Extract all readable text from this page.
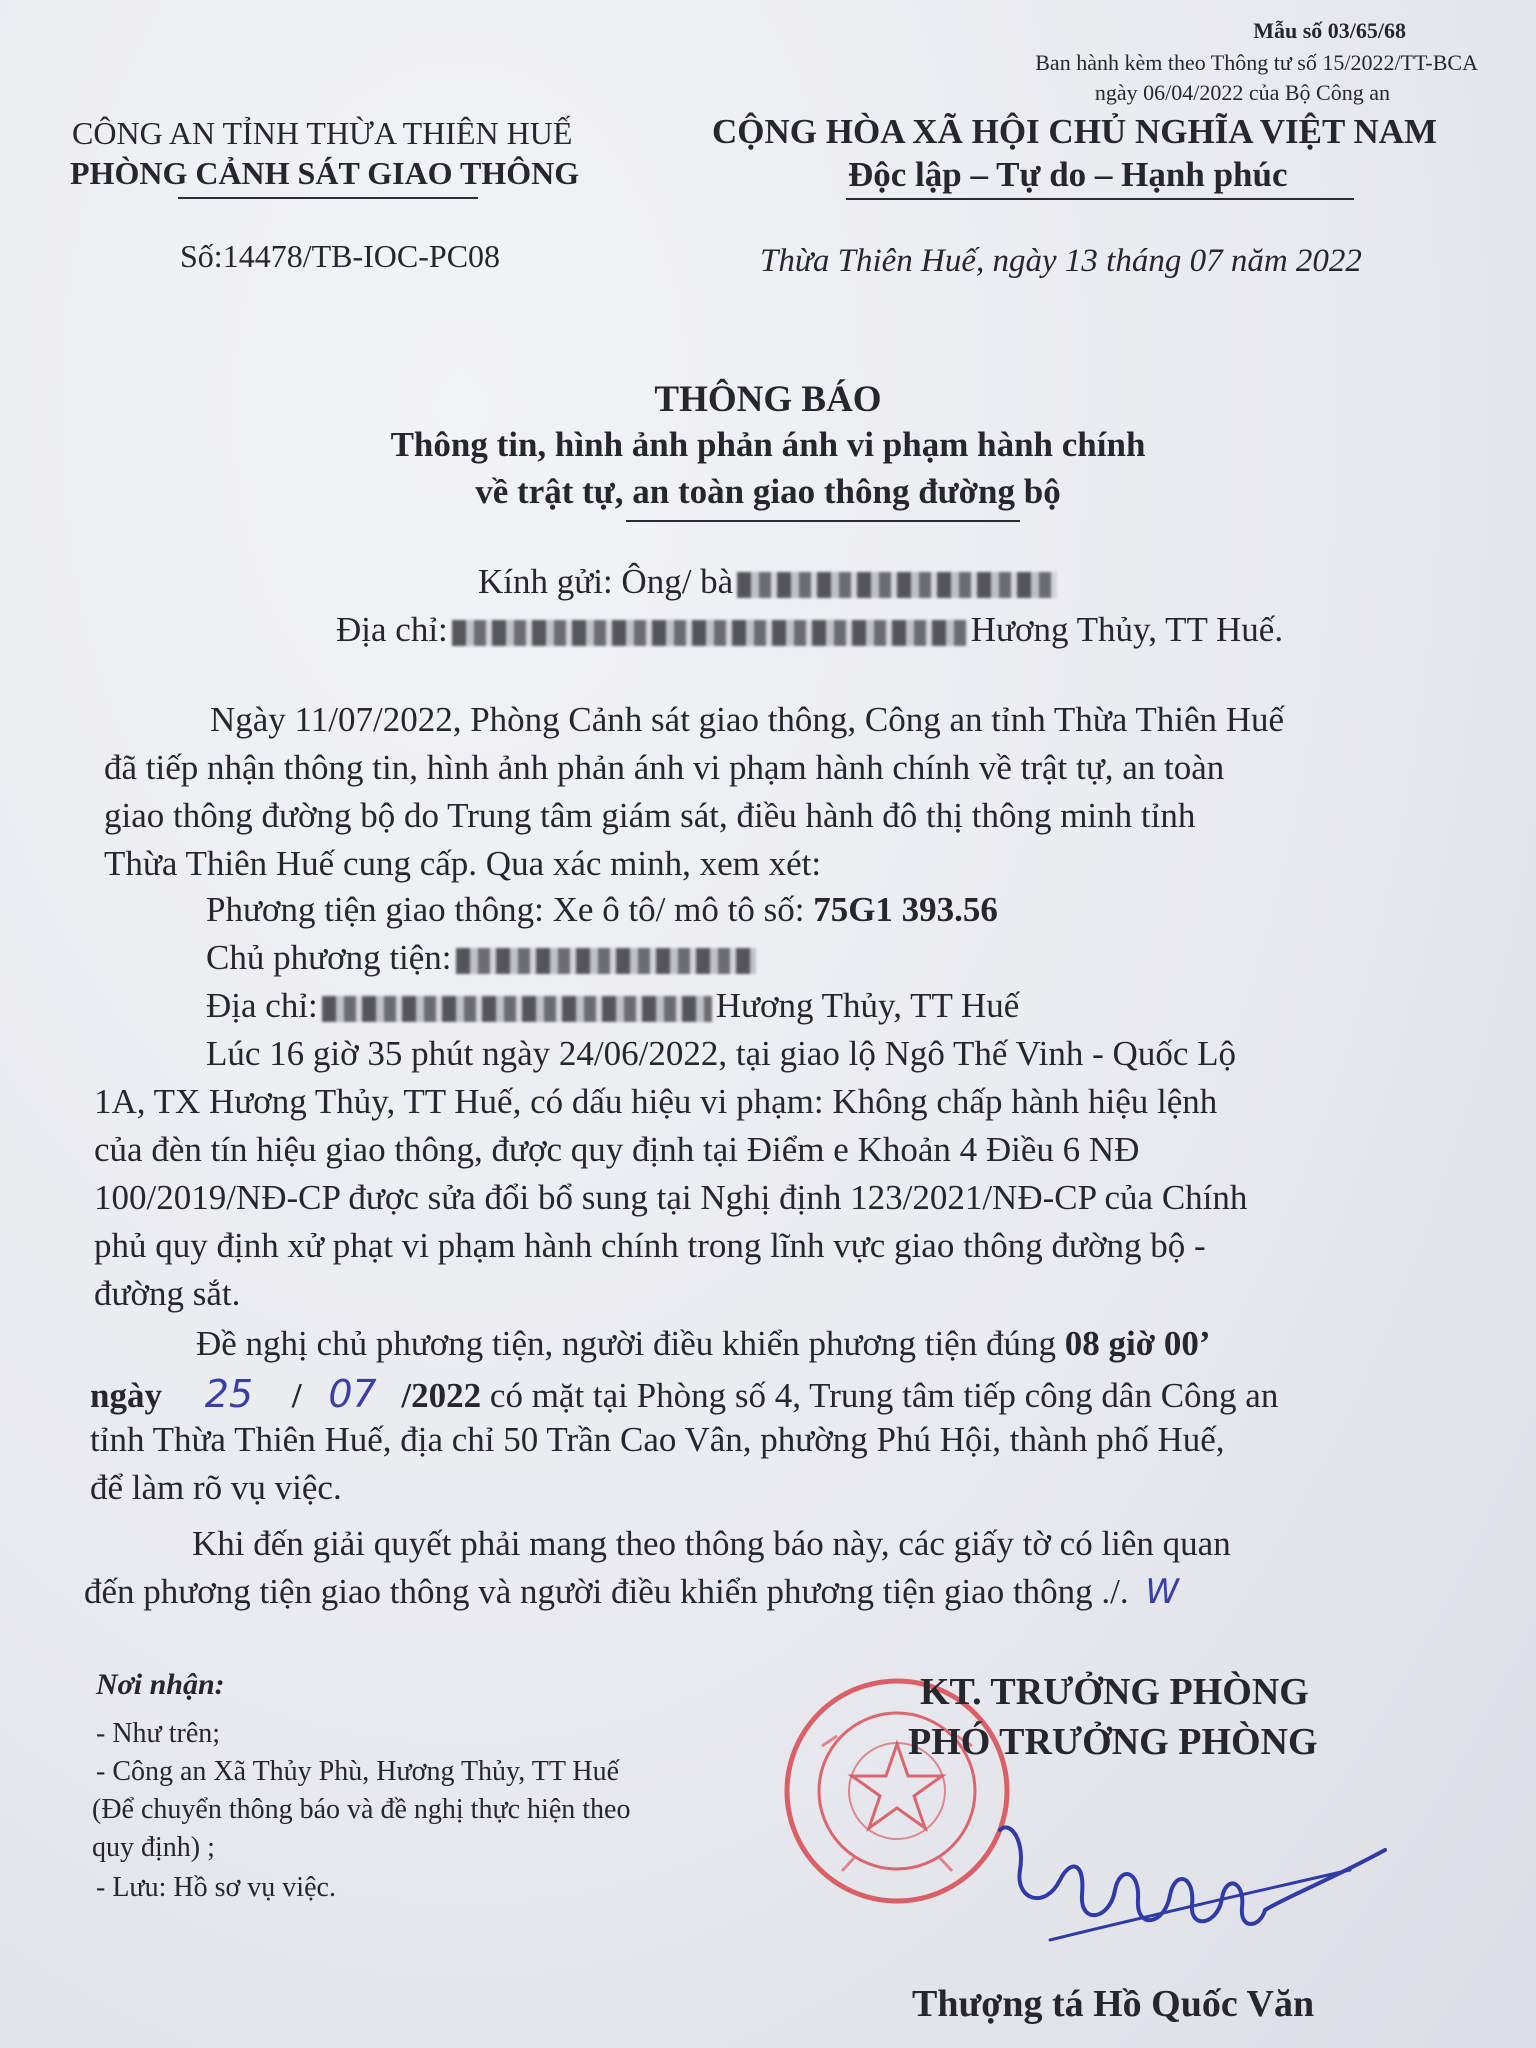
Mẫu số 03/65/68
Ban hành kèm theo Thông tư số 15/2022/TT-BCA
ngày 06/04/2022 của Bộ Công an
CÔNG AN TỈNH THỪA THIÊN HUẾ
PHÒNG CẢNH SÁT GIAO THÔNG
CỘNG HÒA XÃ HỘI CHỦ NGHĨA VIỆT NAM
Độc lập – Tự do – Hạnh phúc
Số:14478/TB-IOC-PC08	Thừa Thiên Huế, ngày 13 tháng 07 năm 2022
THÔNG BÁO
Thông tin, hình ảnh phản ánh vi phạm hành chính
về trật tự, an toàn giao thông đường bộ
Kính gửi: Ông/ bà
Địa chỉ:	Hương Thủy, TT Huế.
Ngày 11/07/2022, Phòng Cảnh sát giao thông, Công an tỉnh Thừa Thiên Huế
đã tiếp nhận thông tin, hình ảnh phản ánh vi phạm hành chính về trật tự, an toàn
giao thông đường bộ do Trung tâm giám sát, điều hành đô thị thông minh tỉnh
Thừa Thiên Huế cung cấp. Qua xác minh, xem xét:
Phương tiện giao thông: Xe ô tô/ mô tô số: 75G1 393.56
Chủ phương tiện:
Địa chỉ:	Hương Thủy, TT Huế
Lúc 16 giờ 35 phút ngày 24/06/2022, tại giao lộ Ngô Thế Vinh - Quốc Lộ
1A, TX Hương Thủy, TT Huế, có dấu hiệu vi phạm: Không chấp hành hiệu lệnh
của đèn tín hiệu giao thông, được quy định tại Điểm e Khoản 4 Điều 6 NĐ
100/2019/NĐ-CP được sửa đổi bổ sung tại Nghị định 123/2021/NĐ-CP của Chính
phủ quy định xử phạt vi phạm hành chính trong lĩnh vực giao thông đường bộ -
đường sắt.
Đề nghị chủ phương tiện, người điều khiển phương tiện đúng 08 giờ 00’
ngày 25 / 07 /2022 có mặt tại Phòng số 4, Trung tâm tiếp công dân Công an
tỉnh Thừa Thiên Huế, địa chỉ 50 Trần Cao Vân, phường Phú Hội, thành phố Huế,
để làm rõ vụ việc.
Khi đến giải quyết phải mang theo thông báo này, các giấy tờ có liên quan
đến phương tiện giao thông và người điều khiển phương tiện giao thông ./. W
Nơi nhận:
- Như trên;
- Công an Xã Thủy Phù, Hương Thủy, TT Huế
(Để chuyển thông báo và đề nghị thực hiện theo
quy định) ;
- Lưu: Hồ sơ vụ việc.
KT. TRƯỞNG PHÒNG
PHÓ TRƯỞNG PHÒNG
Thượng tá Hồ Quốc Văn
